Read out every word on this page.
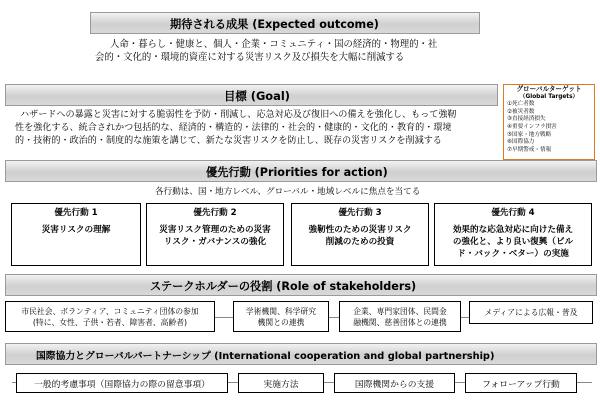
期待される成果 (Expected outcome)
人命・暮らし・健康と、個人・企業・コミュニティ・国の経済的・物理的・社
会的・文化的・環境的資産に対する災害リスク及び損失を大幅に削減する
目標 (Goal)
ハザードへの暴露と災害に対する脆弱性を予防・削減し、応急対応及び復旧への備えを強化し、もって強靭
性を強化する、統合されかつ包括的な、経済的・構造的・法律的・社会的・健康的・文化的・教育的・環境
的・技術的・政治的・制度的な施策を講じて、新たな災害リスクを防止し、既存の災害リスクを削減する
グローバルターゲット
（Global Targets）
①死亡者数
②被災者数
③直接経済損失
④重要インフラ損害
⑤国家・地方戦略
⑥国際協力
⑦早期警戒・情報
優先行動 (Priorities for action)
各行動は、国・地方レベル、グローバル・地域レベルに焦点を当てる
優先行動 1
災害リスクの理解
優先行動 2
災害リスク管理のための災害
リスク・ガバナンスの強化
優先行動 3
強靭性のための災害リスク
削減のための投資
優先行動 4
効果的な応急対応に向けた備え
の強化と、より良い復興（ビル
ド・バック・ベター）の実施
ステークホルダーの役割 (Role of stakeholders)
市民社会、ボランティア、コミュニティ団体の参加
(特に、女性、子供・若者、障害者、高齢者)
学術機関、科学研究
機関との連携
企業、専門家団体、民間金
融機関、慈善団体との連携
メディアによる広報・普及
国際協力とグローバルパートナーシップ (International cooperation and global partnership)
一般的考慮事項（国際協力の際の留意事項）	実施方法	国際機関からの支援	フォローアップ行動
